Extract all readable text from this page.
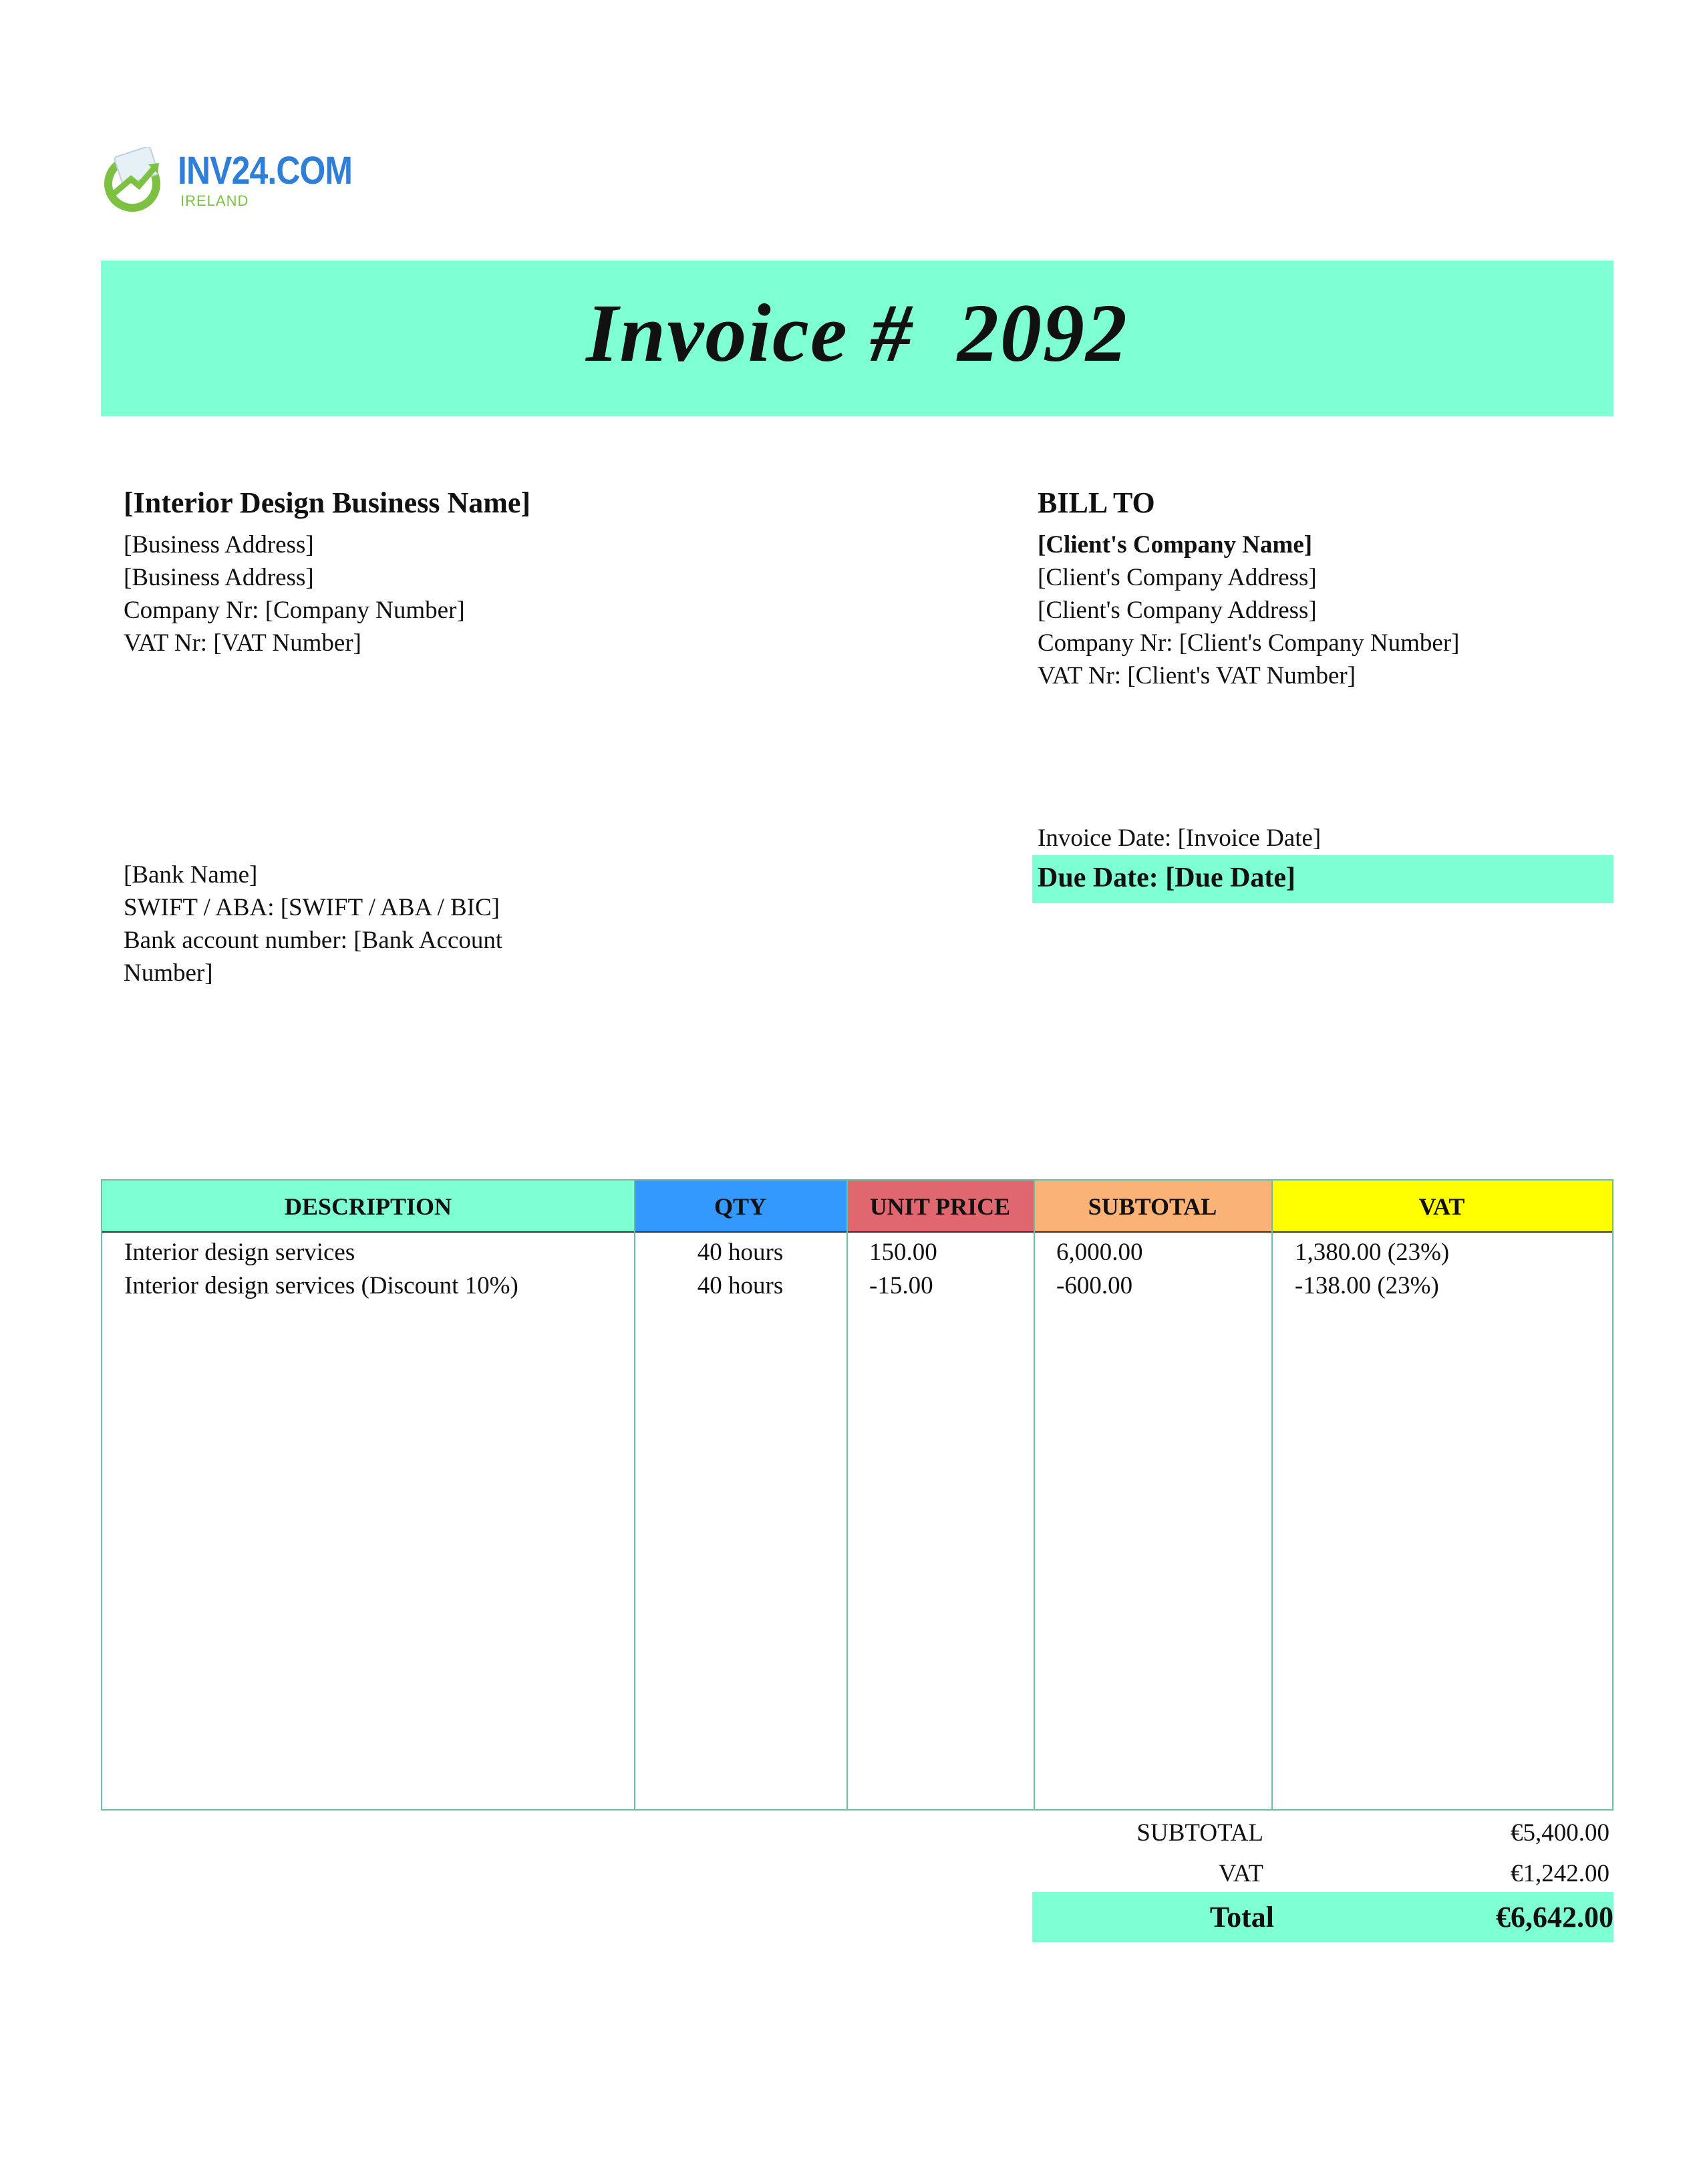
INV24.COM
IRELAND
Invoice #  2092
[Interior Design Business Name]
[Business Address]
[Business Address]
Company Nr: [Company Number]
VAT Nr: [VAT Number]
BILL TO
[Client's Company Name]
[Client's Company Address]
[Client's Company Address]
Company Nr: [Client's Company Number]
VAT Nr: [Client's VAT Number]
Invoice Date: [Invoice Date]
Due Date: [Due Date]
[Bank Name]
SWIFT / ABA: [SWIFT / ABA / BIC]
Bank account number: [Bank Account
Number]
DESCRIPTION	QTY	UNIT PRICE	SUBTOTAL	VAT
Interior design services	40 hours	150.00	6,000.00	1,380.00 (23%)
Interior design services (Discount 10%)	40 hours	-15.00	-600.00	-138.00 (23%)
SUBTOTAL	€5,400.00
VAT	€1,242.00
Total	€6,642.00
